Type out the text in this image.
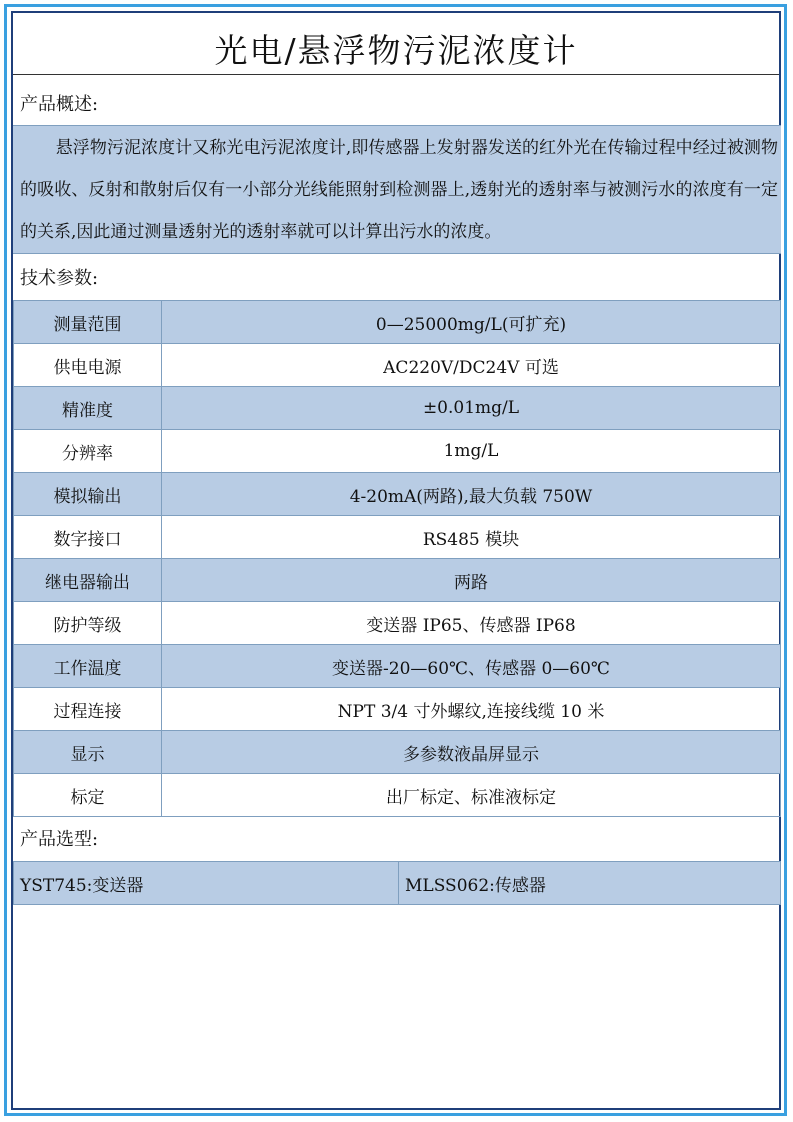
光电/悬浮物污泥浓度计
产品概述:
悬浮物污泥浓度计又称光电污泥浓度计,即传感器上发射器发送的红外光在传输过程中经过被测物的吸收、反射和散射后仅有一小部分光线能照射到检测器上,透射光的透射率与被测污水的浓度有一定的关系,因此通过测量透射光的透射率就可以计算出污水的浓度。
技术参数:
测量范围	0—25000mg/L(可扩充)
供电电源	AC220V/DC24V 可选
精准度	±0.01mg/L
分辨率	1mg/L
模拟输出	4-20mA(两路),最大负载 750W
数字接口	RS485 模块
继电器输出	两路
防护等级	变送器 IP65、传感器 IP68
工作温度	变送器-20—60℃、传感器 0—60℃
过程连接	NPT 3/4 寸外螺纹,连接线缆 10 米
显示	多参数液晶屏显示
标定	出厂标定、标准液标定
产品选型:
YST745:变送器	MLSS062:传感器
